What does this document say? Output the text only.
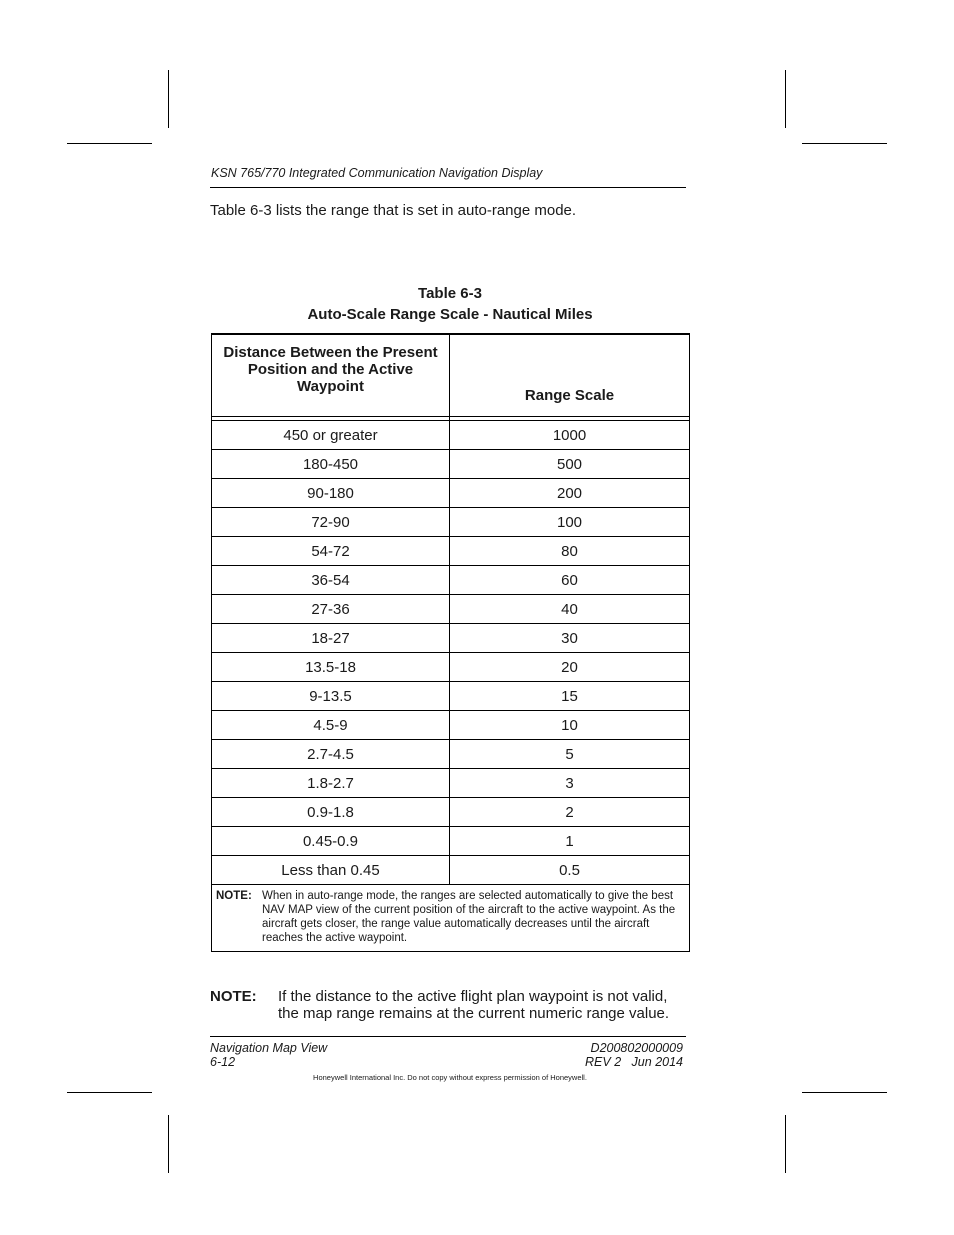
KSN 765/770 Integrated Communication Navigation Display
Table 6-3 lists the range that is set in auto-range mode.
Table 6-3
Auto-Scale Range Scale - Nautical Miles
Distance Between the Present Position and the Active Waypoint	Range Scale

450 or greater	1000
180-450	500
90-180	200
72-90	100
54-72	80
36-54	60
27-36	40
18-27	30
13.5-18	20
9-13.5	15
4.5-9	10
2.7-4.5	5
1.8-2.7	3
0.9-1.8	2
0.45-0.9	1
Less than 0.45	0.5

NOTE: When in auto-range mode, the ranges are selected automatically to give the best NAV MAP view of the current position of the aircraft to the active waypoint. As the aircraft gets closer, the range value automatically decreases until the aircraft reaches the active waypoint.	
NOTE:	If the distance to the active flight plan waypoint is not valid, the map range remains at the current numeric range value.
Navigation Map View
6-12
D200802000009
REV 2   Jun 2014
Honeywell International Inc. Do not copy without express permission of Honeywell.
